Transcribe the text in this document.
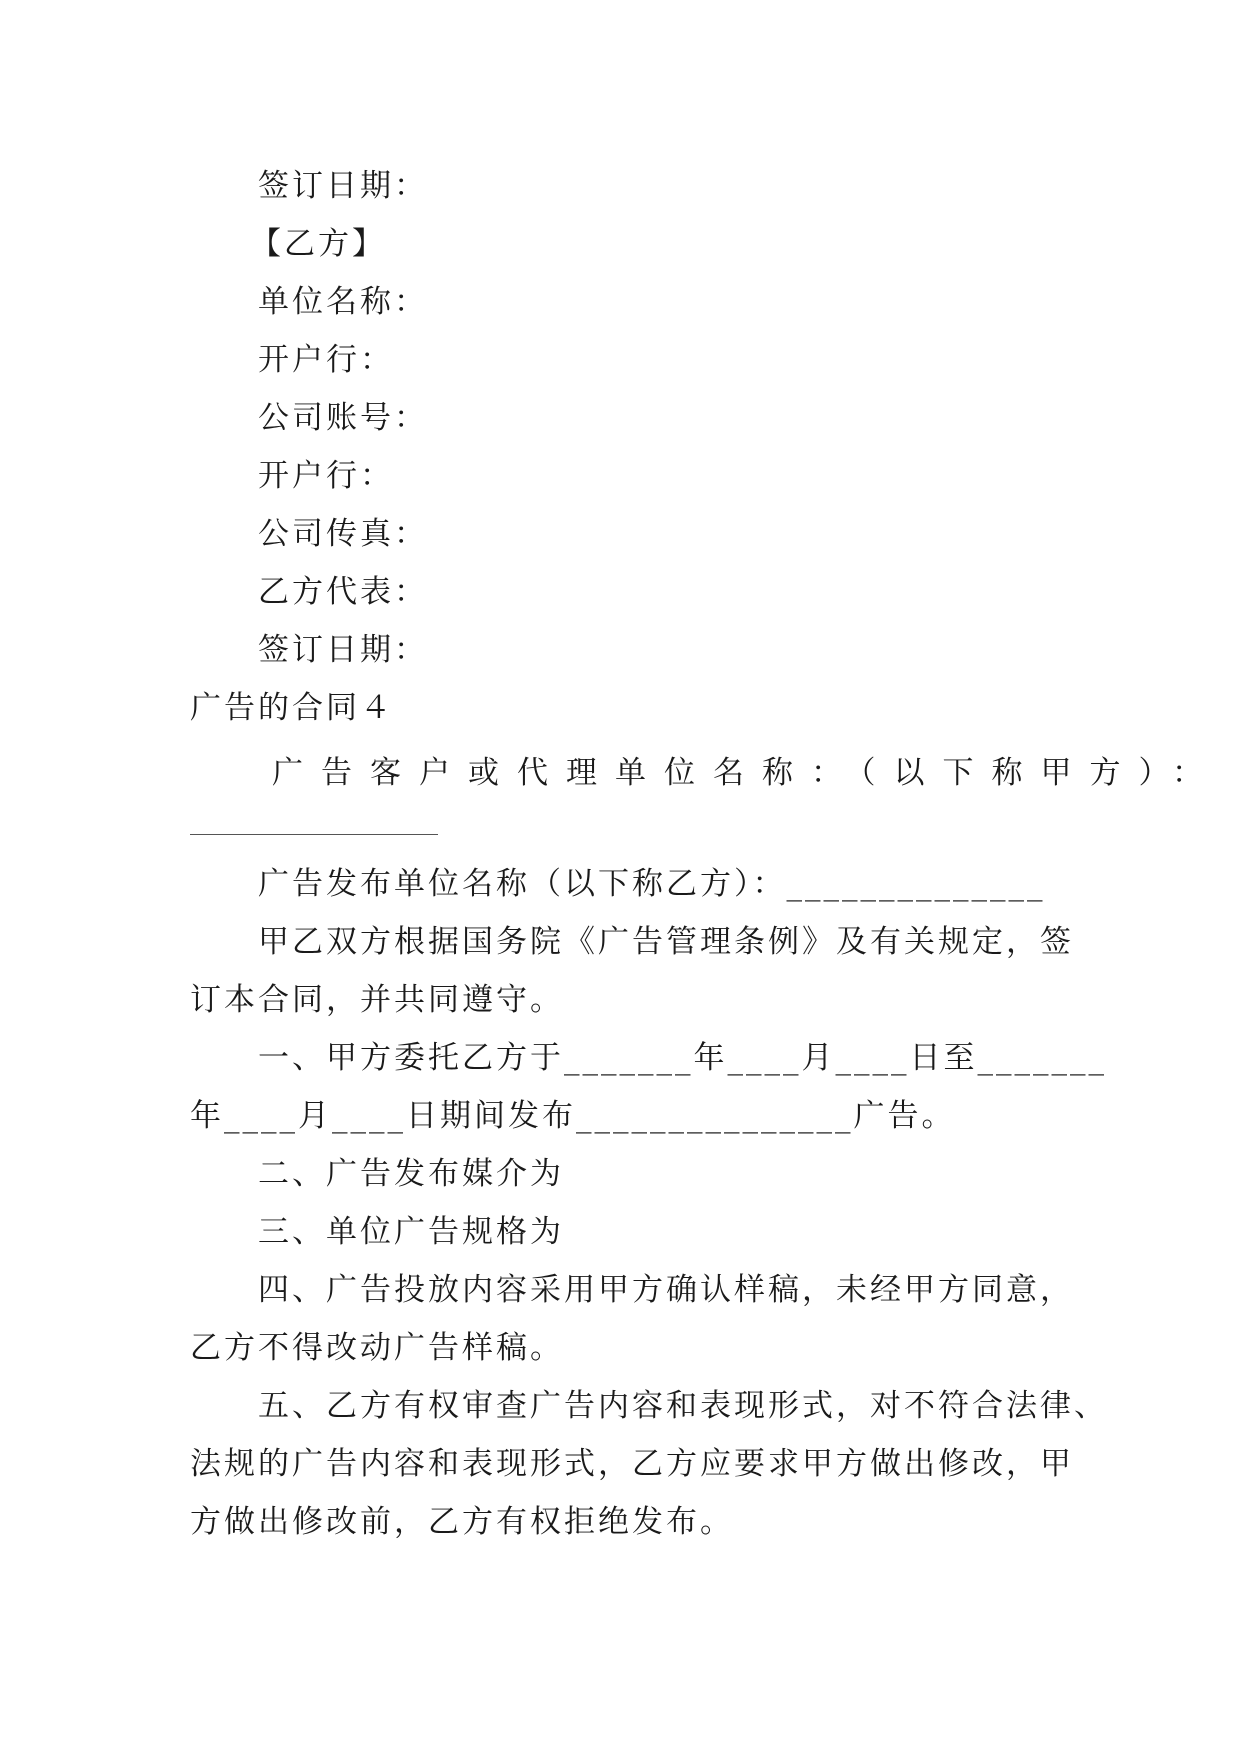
签订日期：
【乙方】
单位名称：
开户行：
公司账号：
开户行：
公司传真：
乙方代表：
签订日期：
广告的合同４
广告客户或代理单位名称：（以下称甲方）：
广告发布单位名称（以下称乙方）：______________
甲乙双方根据国务院《广告管理条例》及有关规定，签
订本合同，并共同遵守。
一、甲方委托乙方于_______年____月____日至_______
年____月____日期间发布_______________广告。
二、广告发布媒介为
三、单位广告规格为
四、广告投放内容采用甲方确认样稿，未经甲方同意，
乙方不得改动广告样稿。
五、乙方有权审查广告内容和表现形式，对不符合法律、
法规的广告内容和表现形式，乙方应要求甲方做出修改，甲
方做出修改前，乙方有权拒绝发布。
